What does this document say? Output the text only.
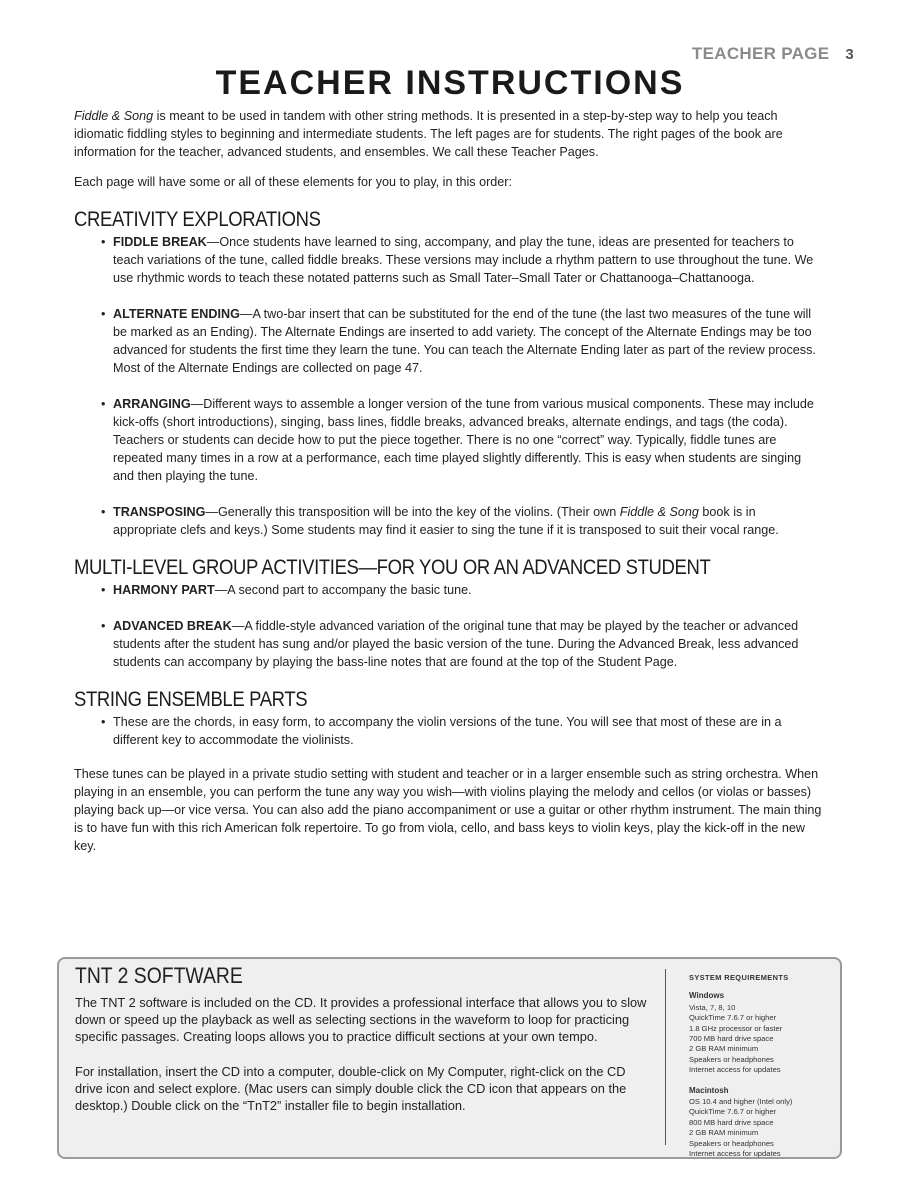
TEACHER PAGE 3
TEACHER INSTRUCTIONS

Fiddle & Song is meant to be used in tandem with other string methods. It is presented in a step-by-step way to help you teach idiomatic fiddling styles to beginning and intermediate students. The left pages are for students. The right pages of the book are information for the teacher, advanced students, and ensembles. We call these Teacher Pages.

Each page will have some or all of these elements for you to play, in this order:

CREATIVITY EXPLORATIONS
• FIDDLE BREAK—Once students have learned to sing, accompany, and play the tune, ideas are presented for teachers to teach variations of the tune, called fiddle breaks. These versions may include a rhythm pattern to use throughout the tune. We use rhythmic words to teach these notated patterns such as Small Tater–Small Tater or Chattanooga–Chattanooga.
• ALTERNATE ENDING—A two-bar insert that can be substituted for the end of the tune (the last two measures of the tune will be marked as an Ending). The Alternate Endings are inserted to add variety. The concept of the Alternate Endings may be too advanced for students the first time they learn the tune. You can teach the Alternate Ending later as part of the review process. Most of the Alternate Endings are collected on page 47.
• ARRANGING—Different ways to assemble a longer version of the tune from various musical components. These may include kick-offs (short introductions), singing, bass lines, fiddle breaks, advanced breaks, alternate endings, and tags (the coda). Teachers or students can decide how to put the piece together. There is no one “correct” way. Typically, fiddle tunes are repeated many times in a row at a performance, each time played slightly differently. This is easy when students are singing and then playing the tune.
• TRANSPOSING—Generally this transposition will be into the key of the violins. (Their own Fiddle & Song book is in appropriate clefs and keys.) Some students may find it easier to sing the tune if it is transposed to suit their vocal range.
MULTI-LEVEL GROUP ACTIVITIES—FOR YOU OR AN ADVANCED STUDENT
• HARMONY PART—A second part to accompany the basic tune.
• ADVANCED BREAK—A fiddle-style advanced variation of the original tune that may be played by the teacher or advanced students after the student has sung and/or played the basic version of the tune. During the Advanced Break, less advanced students can accompany by playing the bass-line notes that are found at the top of the Student Page.
STRING ENSEMBLE PARTS
• These are the chords, in easy form, to accompany the violin versions of the tune. You will see that most of these are in a different key to accommodate the violinists.

These tunes can be played in a private studio setting with student and teacher or in a larger ensemble such as string orchestra. When playing in an ensemble, you can perform the tune any way you wish—with violins playing the melody and cellos (or violas or basses) playing back up—or vice versa. You can also add the piano accompaniment or use a guitar or other rhythm instrument. The main thing is to have fun with this rich American folk repertoire. To go from viola, cello, and bass keys to violin keys, play the kick-off in the new key.

TNT 2 SOFTWARE

The TNT 2 software is included on the CD. It provides a professional interface that allows you to slow down or speed up the playback as well as selecting sections in the waveform to loop for practicing specific passages. Creating loops allows you to practice difficult sections at your own tempo.

For installation, insert the CD into a computer, double-click on My Computer, right-click on the CD drive icon and select explore. (Mac users can simply double click the CD icon that appears on the desktop.) Double click on the “TnT2” installer file to begin installation.

SYSTEM REQUIREMENTS
Windows
Vista, 7, 8, 10
QuickTime 7.6.7 or higher
1.8 GHz processor or faster
700 MB hard drive space
2 GB RAM minimum
Speakers or headphones
Internet access for updates
Macintosh
OS 10.4 and higher (Intel only)
QuickTime 7.6.7 or higher
800 MB hard drive space
2 GB RAM minimum
Speakers or headphones
Internet access for updates
